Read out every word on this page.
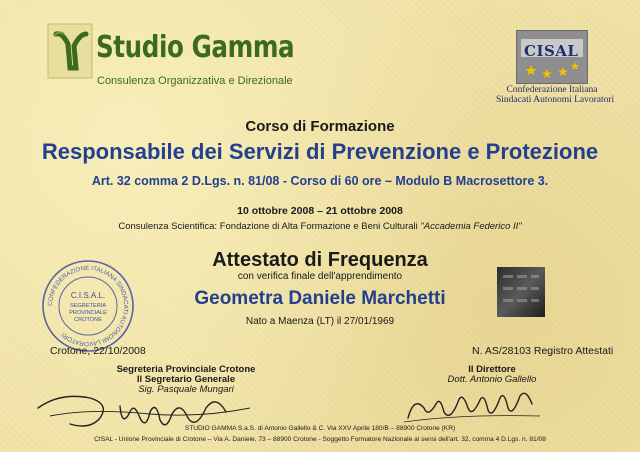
Studio Gamma
Consulenza Organizzativa e Direzionale
CISAL
Confederazione Italiana
Sindacati Autonomi Lavoratori
Corso di Formazione
Responsabile dei Servizi di Prevenzione e Protezione
Art. 32 comma 2 D.Lgs. n. 81/08 - Corso di 60 ore – Modulo B Macrosettore 3.
10 ottobre 2008 – 21 ottobre 2008
Consulenza Scientifica: Fondazione di Alta Formazione e Beni Culturali "Accademia Federico II"
Attestato di Frequenza
con verifica finale dell'apprendimento
Geometra Daniele Marchetti
Nato a Maenza (LT) il 27/01/1969
CONFEDERAZIONE ITALIANA SINDACATI AUTONOMI LAVORATORI
C.I.S.A.L.
SEGRETERIA
PROVINCIALE
CROTONE
Crotone, 22/10/2008	N. AS/28103 Registro Attestati
Segreteria Provinciale Crotone
Il Segretario Generale
Sig. Pasquale Mungari
Il Direttore
Dott. Antonio Gallello
STUDIO GAMMA S.a.S. di Antonio Gallello & C. Via XXV Aprile 180/B – 88900 Crotone (KR)
CISAL - Unione Provinciale di Crotone – Via A. Daniele, 73 – 88900 Crotone - Soggetto Formatore Nazionale ai sensi dell'art. 32, comma 4 D.Lgs. n. 81/08
